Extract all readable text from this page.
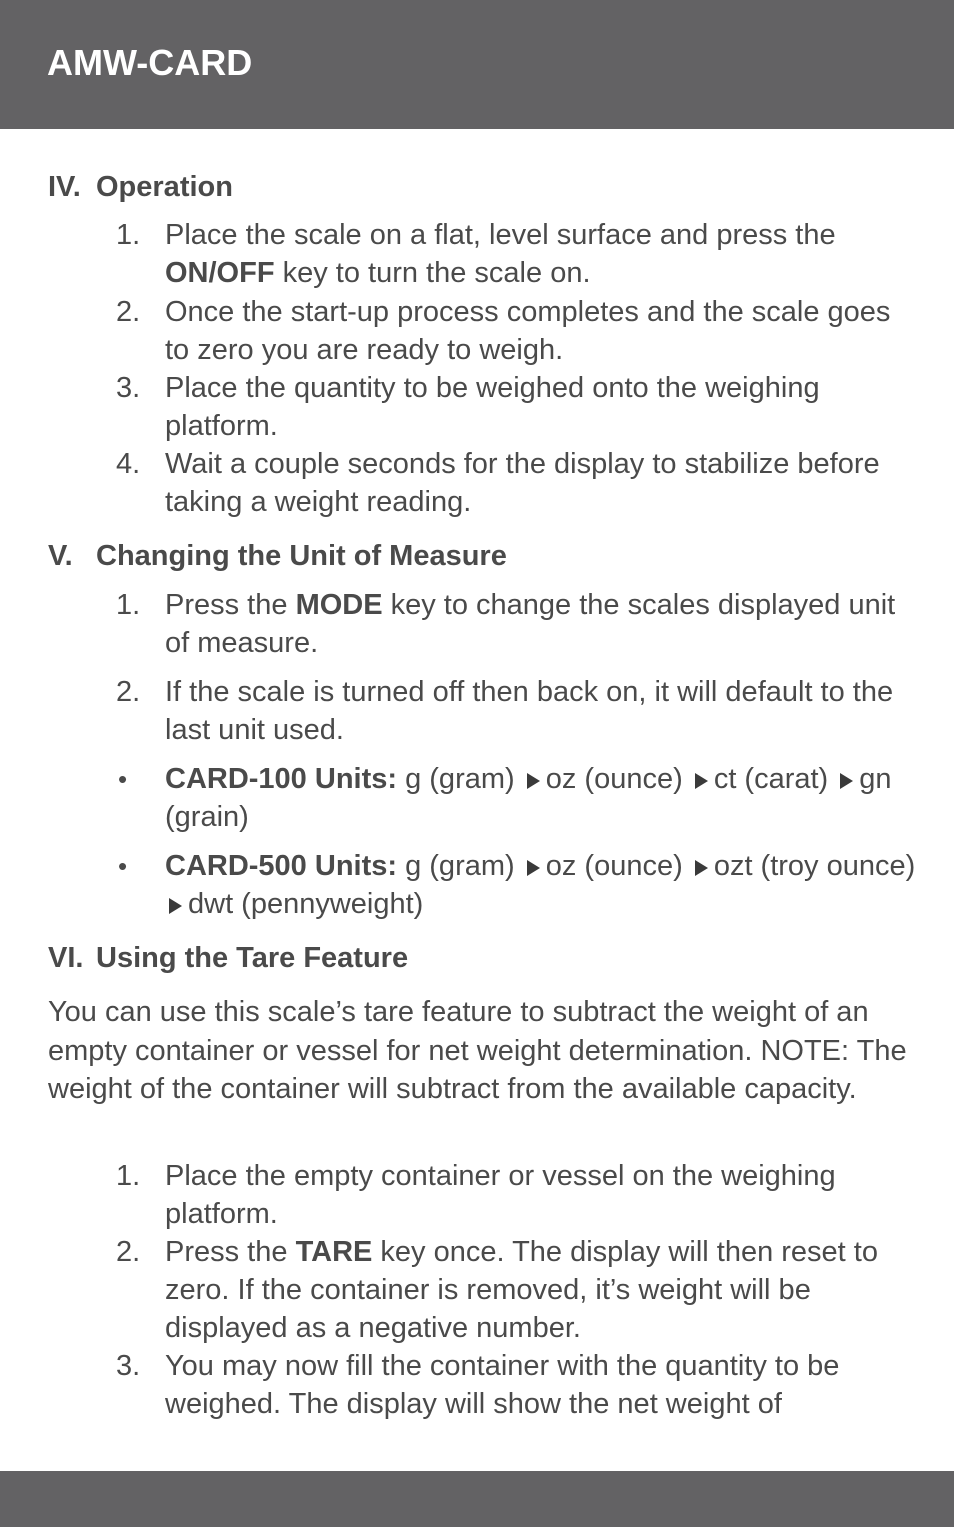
AMW-CARD
IV. Operation
1. Place the scale on a flat, level surface and press the ON/OFF key to turn the scale on.
2. Once the start-up process completes and the scale goes to zero you are ready to weigh.
3. Place the quantity to be weighed onto the weighing platform.
4. Wait a couple seconds for the display to stabilize before taking a weight reading.
V. Changing the Unit of Measure
1. Press the MODE key to change the scales displayed unit of measure.
2. If the scale is turned off then back on, it will default to the last unit used.
•	CARD-100 Units: g (gram) oz (ounce) ct (carat) gn (grain)
•	CARD-500 Units: g (gram) oz (ounce) ozt (troy ounce) dwt (pennyweight)
VI. Using the Tare Feature
You can use this scale’s tare feature to subtract the weight of an empty container or vessel for net weight determination. NOTE: The weight of the container will subtract from the available capacity.
1. Place the empty container or vessel on the weighing platform.
2. Press the TARE key once. The display will then reset to zero. If the container is removed, it’s weight will be displayed as a negative number.
3. You may now fill the container with the quantity to be weighed. The display will show the net weight of
